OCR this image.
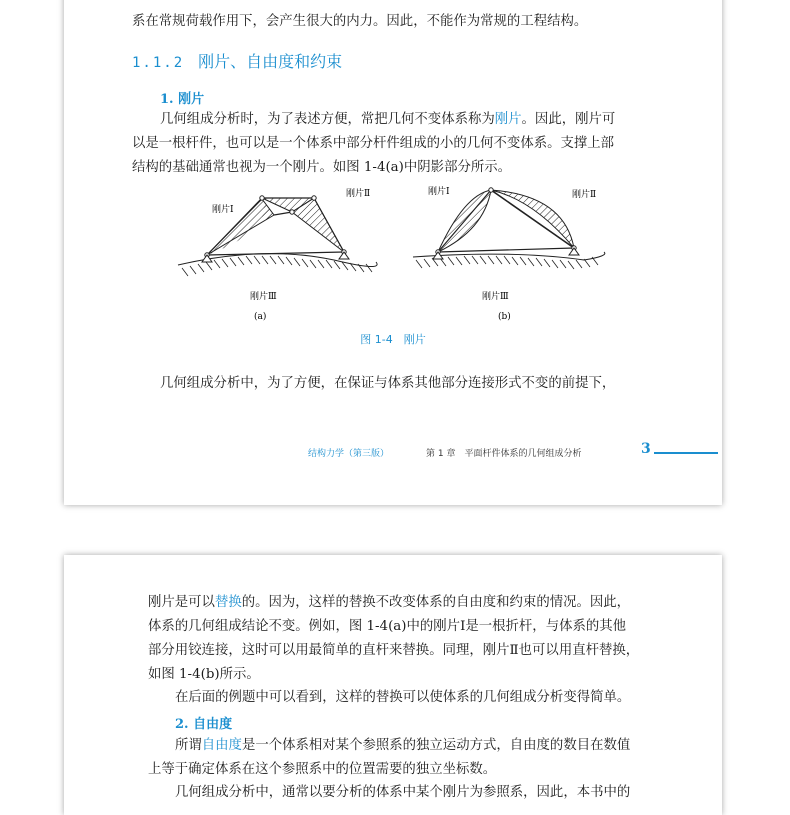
系在常规荷载作用下，会产生很大的内力。因此，不能作为常规的工程结构。
1.1.2 刚片、自由度和约束
1. 刚片
几何组成分析时，为了表述方便，常把几何不变体系称为刚片。因此，刚片可
以是一根杆件，也可以是一个体系中部分杆件组成的小的几何不变体系。支撑上部
结构的基础通常也视为一个刚片。如图 1-4(a)中阴影部分所示。
刚片Ⅰ
刚片Ⅱ
刚片Ⅲ
(a)
刚片Ⅰ	刚片Ⅱ
刚片Ⅲ
(b)
图 1-4　刚片
几何组成分析中，为了方便，在保证与体系其他部分连接形式不变的前提下，
结构力学（第三版）	第 1 章　平面杆件体系的几何组成分析	3
刚片是可以替换的。因为，这样的替换不改变体系的自由度和约束的情况。因此，
体系的几何组成结论不变。例如，图 1-4(a)中的刚片Ⅰ是一根折杆，与体系的其他
部分用铰连接，这时可以用最简单的直杆来替换。同理，刚片Ⅱ也可以用直杆替换，
如图 1-4(b)所示。
在后面的例题中可以看到，这样的替换可以使体系的几何组成分析变得简单。
2. 自由度
所谓自由度是一个体系相对某个参照系的独立运动方式，自由度的数目在数值
上等于确定体系在这个参照系中的位置需要的独立坐标数。
几何组成分析中，通常以要分析的体系中某个刚片为参照系，因此，本书中的
